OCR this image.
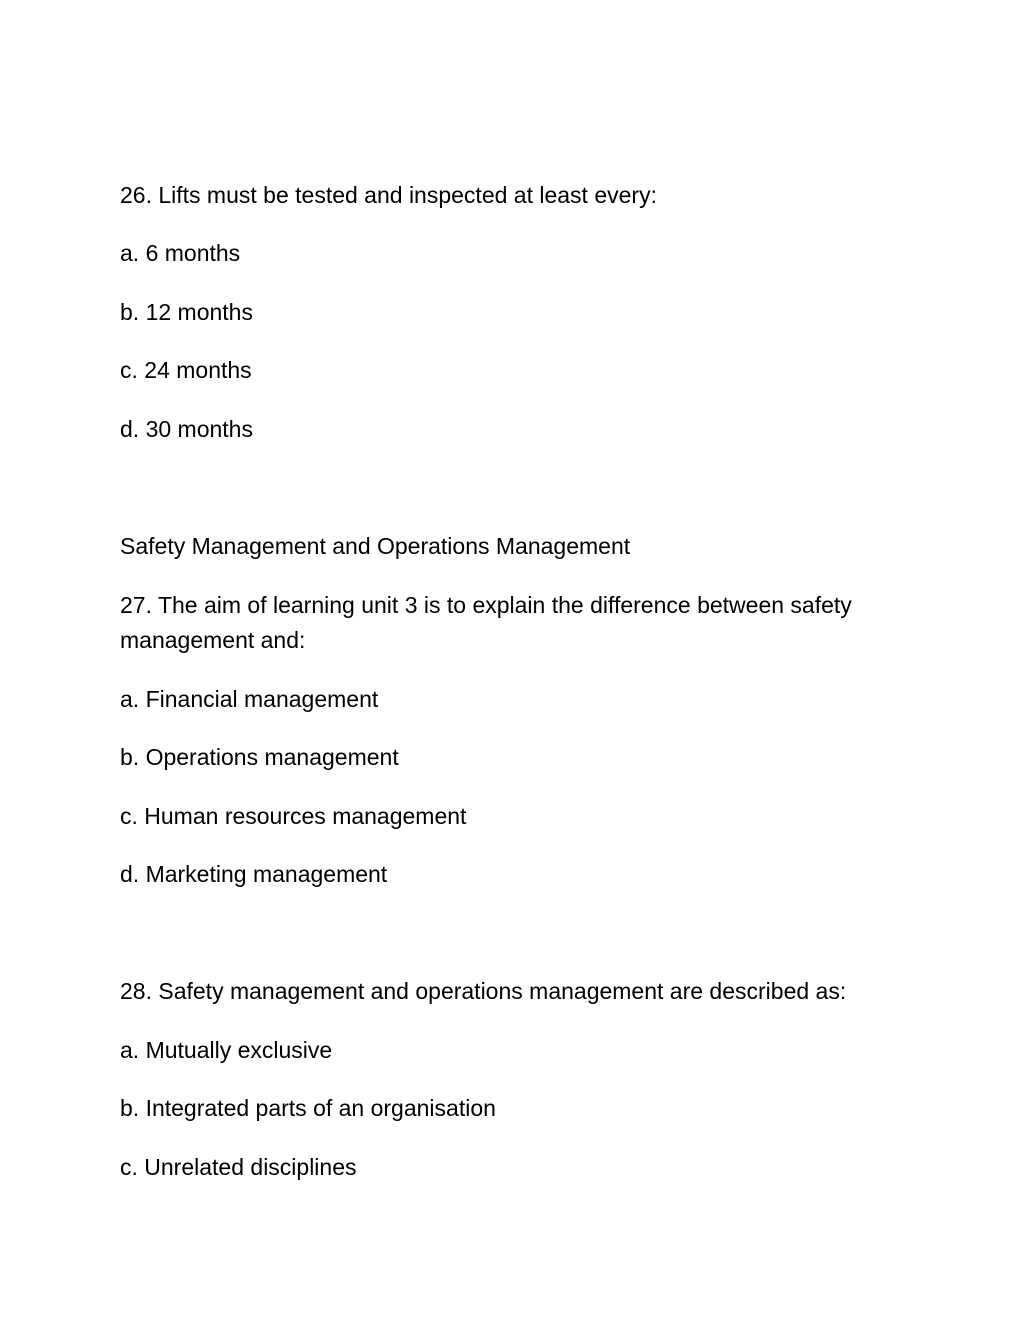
26. Lifts must be tested and inspected at least every:

a. 6 months

b. 12 months

c. 24 months

d. 30 months

Safety Management and Operations Management

27. The aim of learning unit 3 is to explain the difference between safety management and:

a. Financial management

b. Operations management

c. Human resources management

d. Marketing management

28. Safety management and operations management are described as:

a. Mutually exclusive

b. Integrated parts of an organisation

c. Unrelated disciplines
